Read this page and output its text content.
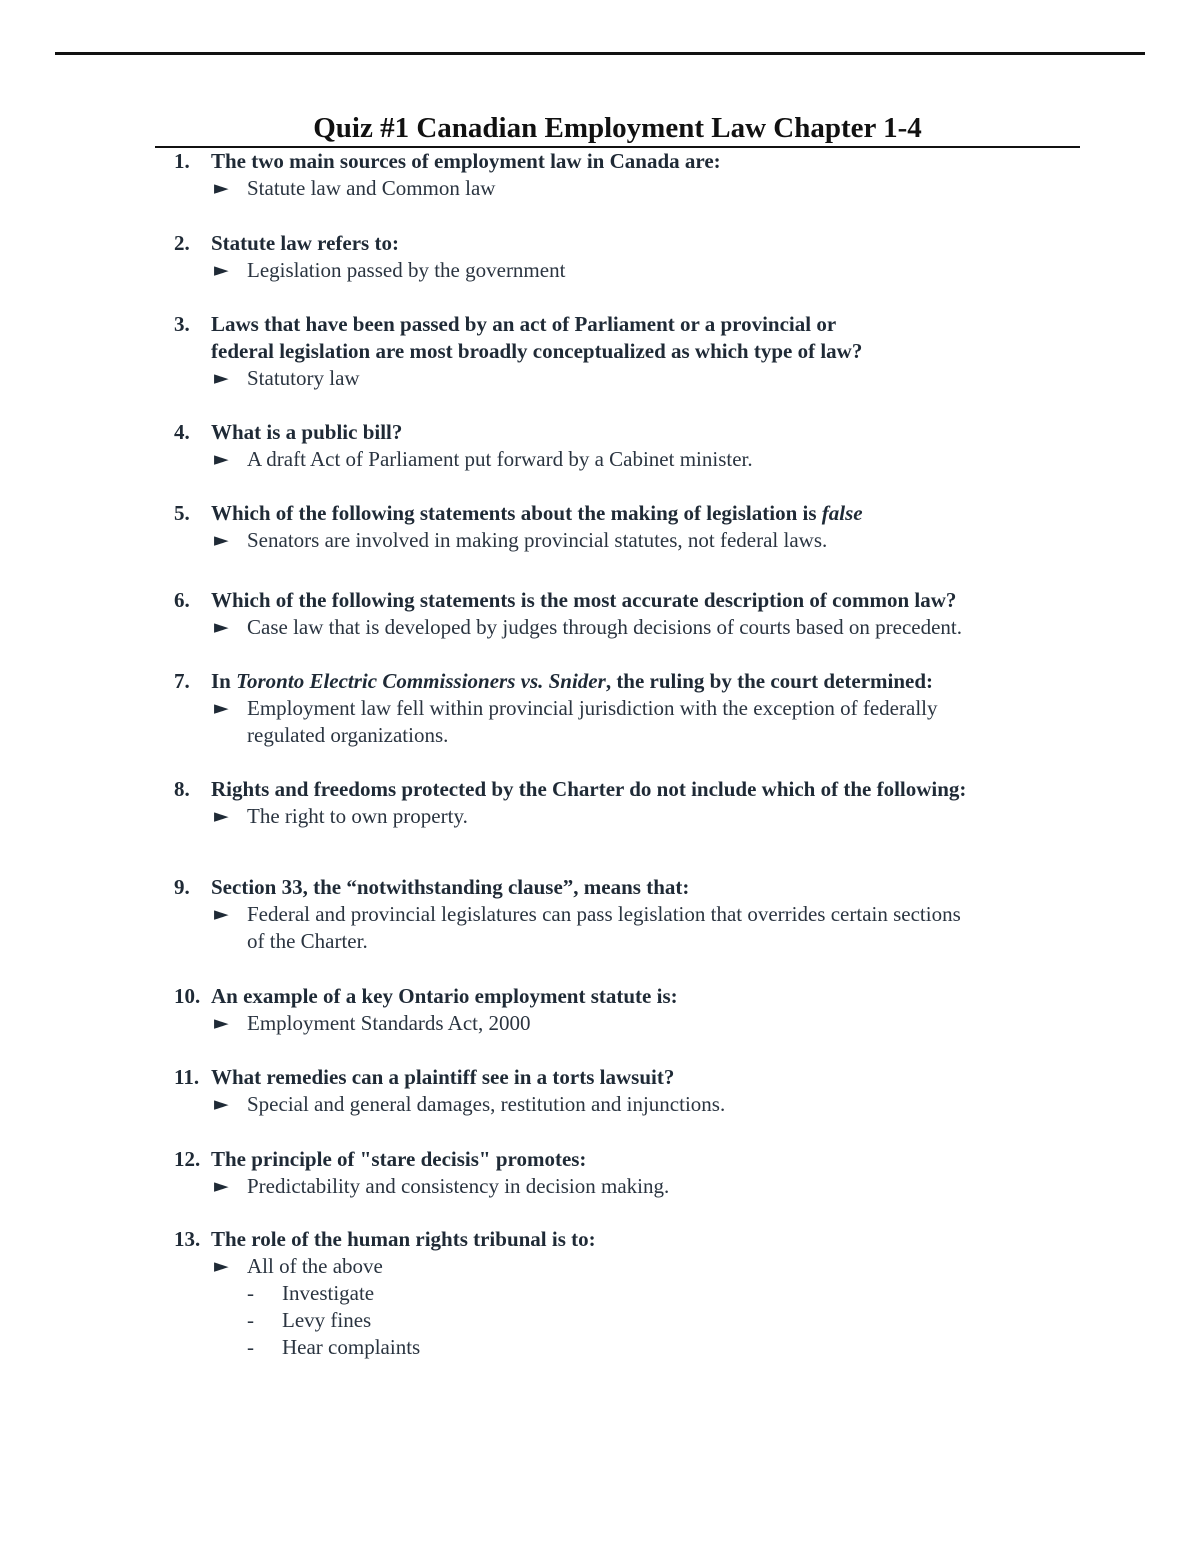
Quiz #1 Canadian Employment Law Chapter 1-4
1.	The two main sources of employment law in Canada are:
► Statute law and Common law
2.	Statute law refers to:
► Legislation passed by the government
3.	Laws that have been passed by an act of Parliament or a provincial or
federal legislation are most broadly conceptualized as which type of law?
► Statutory law
4.	What is a public bill?
► A draft Act of Parliament put forward by a Cabinet minister.
5.	Which of the following statements about the making of legislation is false
► Senators are involved in making provincial statutes, not federal laws.
6.	Which of the following statements is the most accurate description of common law?
► Case law that is developed by judges through decisions of courts based on precedent.
7.	In Toronto Electric Commissioners vs. Snider, the ruling by the court determined:
► Employment law fell within provincial jurisdiction with the exception of federally
regulated organizations.
8.	Rights and freedoms protected by the Charter do not include which of the following:
► The right to own property.
9.	Section 33, the “notwithstanding clause”, means that:
► Federal and provincial legislatures can pass legislation that overrides certain sections
of the Charter.
10. An example of a key Ontario employment statute is:
► Employment Standards Act, 2000
11. What remedies can a plaintiff see in a torts lawsuit?
► Special and general damages, restitution and injunctions.
12. The principle of "stare decisis" promotes:
► Predictability and consistency in decision making.
13. The role of the human rights tribunal is to:
► All of the above
-	Investigate
-	Levy fines
-	Hear complaints
